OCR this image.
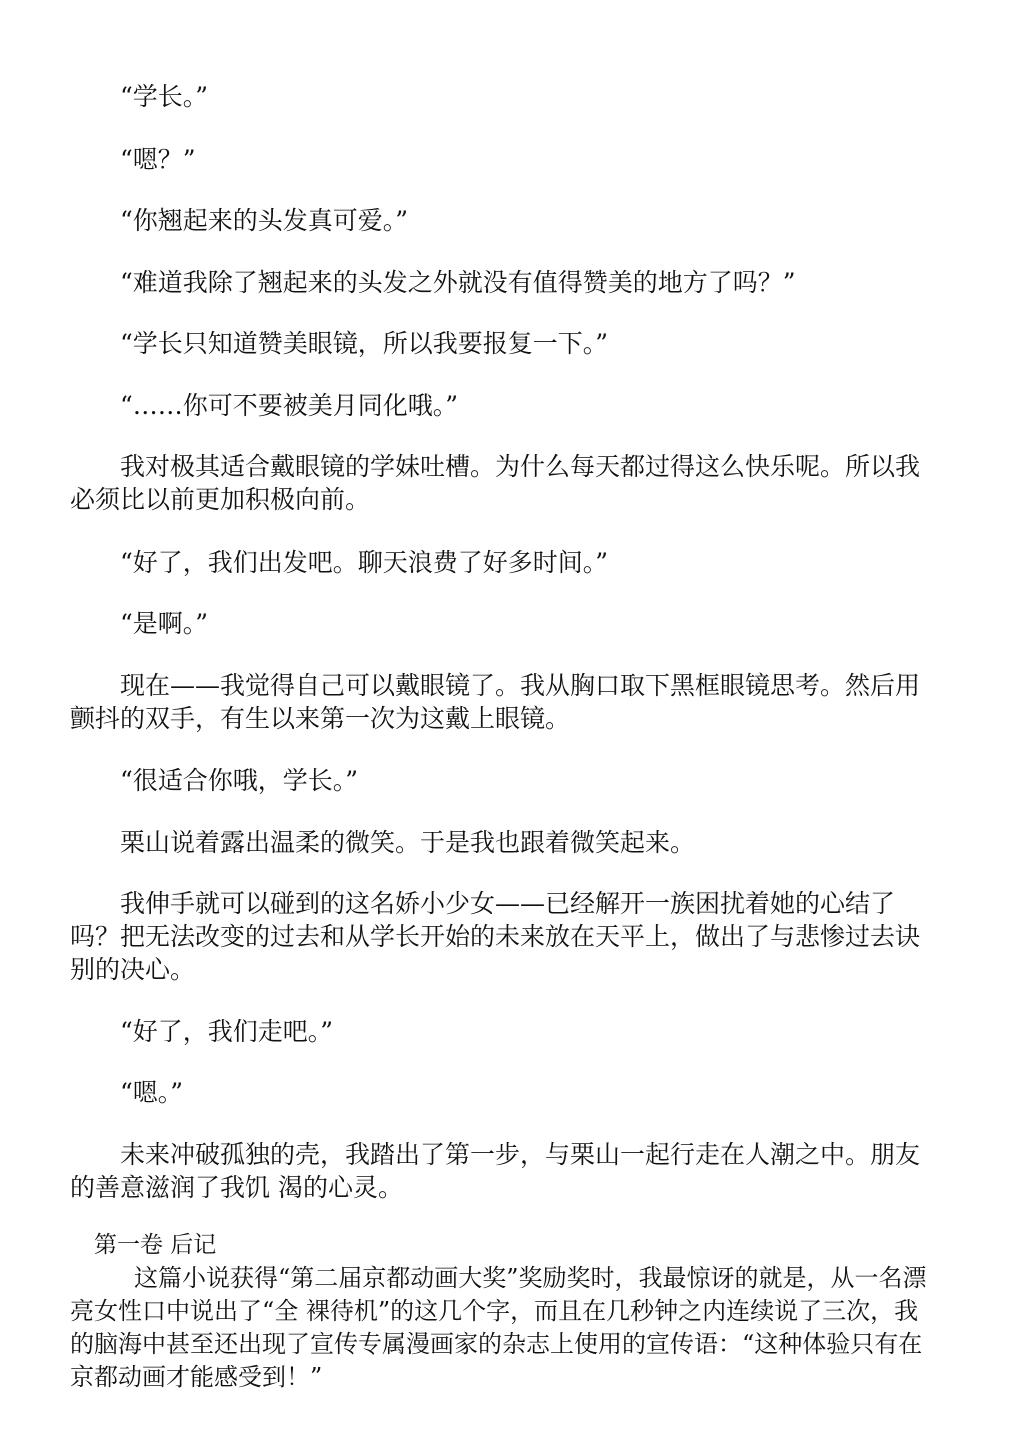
“学长。”

“嗯？”

“你翘起来的头发真可爱。”

“难道我除了翘起来的头发之外就没有值得赞美的地方了吗？”

“学长只知道赞美眼镜，所以我要报复一下。”

“……你可不要被美月同化哦。”

我对极其适合戴眼镜的学妹吐槽。为什么每天都过得这么快乐呢。所以我必须比以前更加积极向前。

“好了，我们出发吧。聊天浪费了好多时间。”

“是啊。”

现在——我觉得自己可以戴眼镜了。我从胸口取下黑框眼镜思考。然后用颤抖的双手，有生以来第一次为这戴上眼镜。

“很适合你哦，学长。”

栗山说着露出温柔的微笑。于是我也跟着微笑起来。

我伸手就可以碰到的这名娇小少女——已经解开一族困扰着她的心结了吗？把无法改变的过去和从学长开始的未来放在天平上，做出了与悲惨过去诀别的决心。

“好了，我们走吧。”

“嗯。”

未来冲破孤独的壳，我踏出了第一步，与栗山一起行走在人潮之中。朋友的善意滋润了我饥 渴的心灵。

第一卷 后记

这篇小说获得“第二届京都动画大奖”奖励奖时，我最惊讶的就是，从一名漂亮女性口中说出了“全 裸待机”的这几个字，而且在几秒钟之内连续说了三次，我的脑海中甚至还出现了宣传专属漫画家的杂志上使用的宣传语：“这种体验只有在京都动画才能感受到！”
